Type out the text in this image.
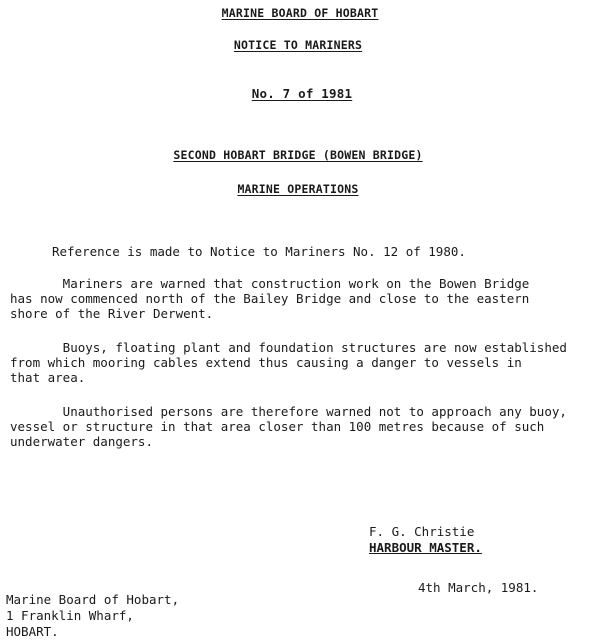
MARINE BOARD OF HOBART
NOTICE TO MARINERS
No. 7 of 1981
SECOND HOBART BRIDGE (BOWEN BRIDGE)
MARINE OPERATIONS

Reference is made to Notice to Mariners No. 12 of 1980.

Mariners are warned that construction work on the Bowen Bridge
has now commenced north of the Bailey Bridge and close to the eastern
shore of the River Derwent.

Buoys, floating plant and foundation structures are now established
from which mooring cables extend thus causing a danger to vessels in
that area.

Unauthorised persons are therefore warned not to approach any buoy,
vessel or structure in that area closer than 100 metres because of such
underwater dangers.

F. G. Christie
HARBOUR MASTER.
4th March, 1981.
Marine Board of Hobart,
1 Franklin Wharf,
HOBART.
